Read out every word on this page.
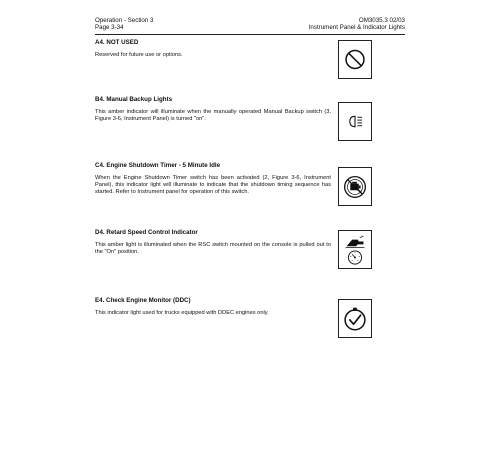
Operation - Section 3
Page 3-34
OM3035.3 02/03
Instrument Panel & Indicator Lights
A4. NOT USED

Reserved for future use or options.

B4. Manual Backup Lights

This amber indicator will illuminate when the manually operated Manual Backup switch (3, Figure 3-6, Instrument Panel) is turned "on".

C4. Engine Shutdown Timer - 5 Minute Idle

When the Engine Shutdown Timer switch has been activated (2, Figure 3-6, Instrument Panel), this indicator light will illuminate to indicate that the shutdown timing sequence has started. Refer to Instrument panel for operation of this switch.

D4. Retard Speed Control Indicator

This amber light is illuminated when the RSC switch mounted on the console is pulled out to the "On" position.

E4. Check Engine Monitor (DDC)

This indicator light used for trucks equipped with DDEC engines only.
